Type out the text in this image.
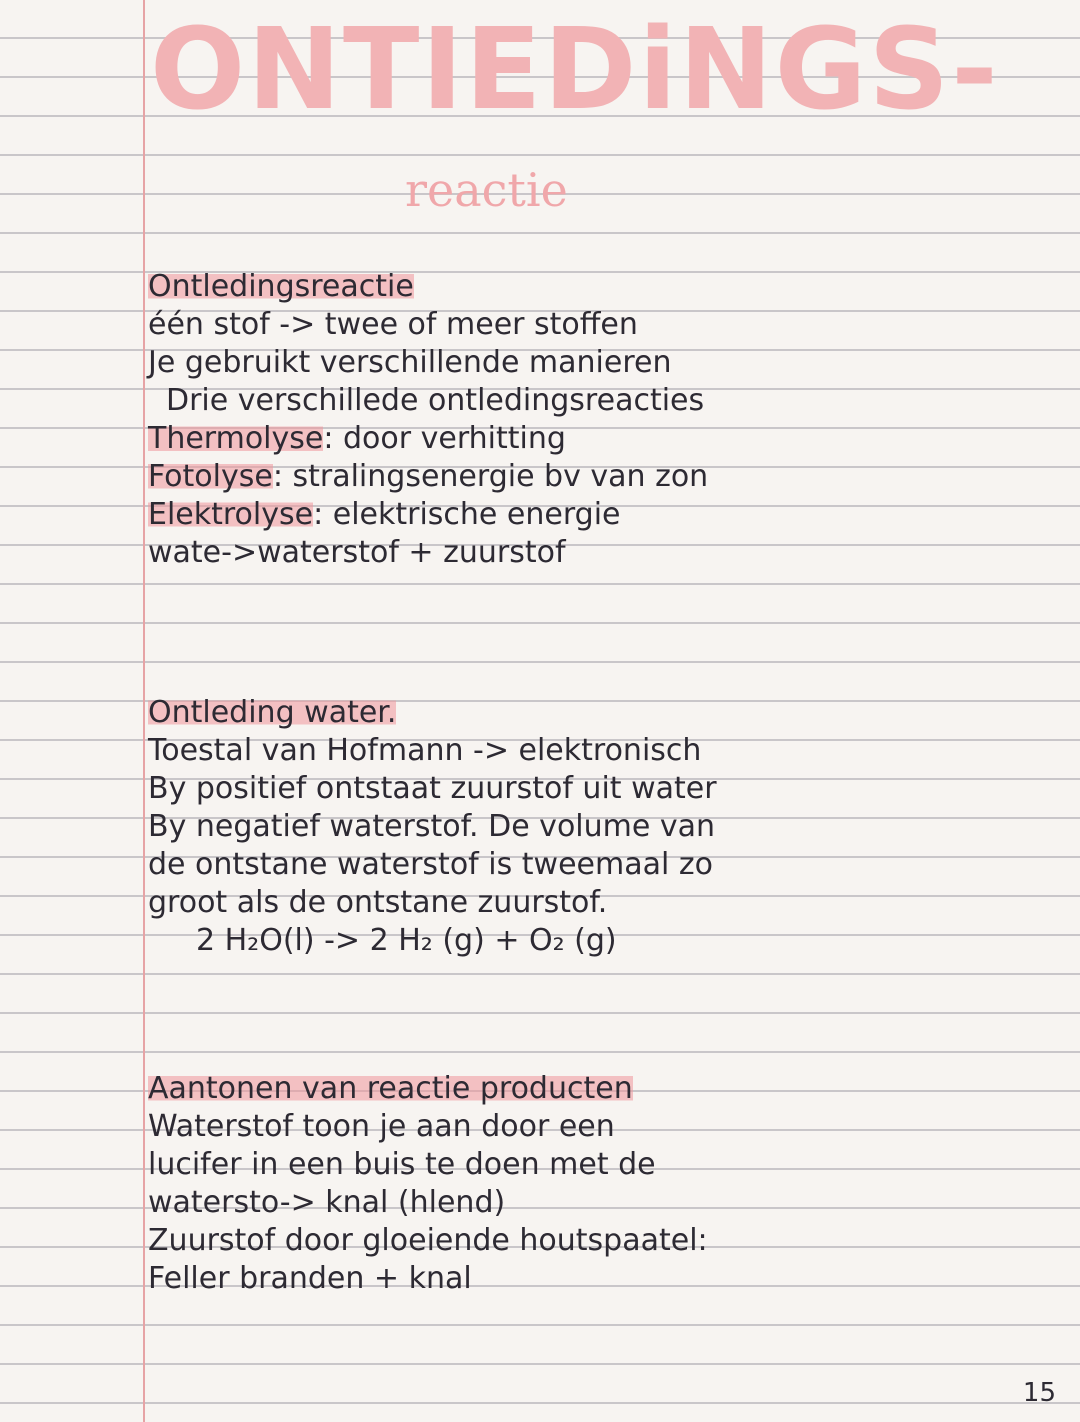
ONTIEDiNGS-
reactie
Ontledingsreactie
één stof -> twee of meer stoffen
Je gebruikt verschillende manieren
Drie verschillede ontledingsreacties
Thermolyse: door verhitting
Fotolyse: stralingsenergie bv van zon
Elektrolyse: elektrische energie
wate->waterstof + zuurstof
Ontleding water.
Toestal van Hofmann -> elektronisch
By positief ontstaat zuurstof uit water
By negatief waterstof. De volume van
de ontstane waterstof is tweemaal zo
groot als de ontstane zuurstof.
2 H₂O(l) -> 2 H₂ (g) + O₂ (g)
Aantonen van reactie producten
Waterstof toon je aan door een
lucifer in een buis te doen met de
watersto-> knal (hlend)
Zuurstof door gloeiende houtspaatel:
Feller branden + knal
15
